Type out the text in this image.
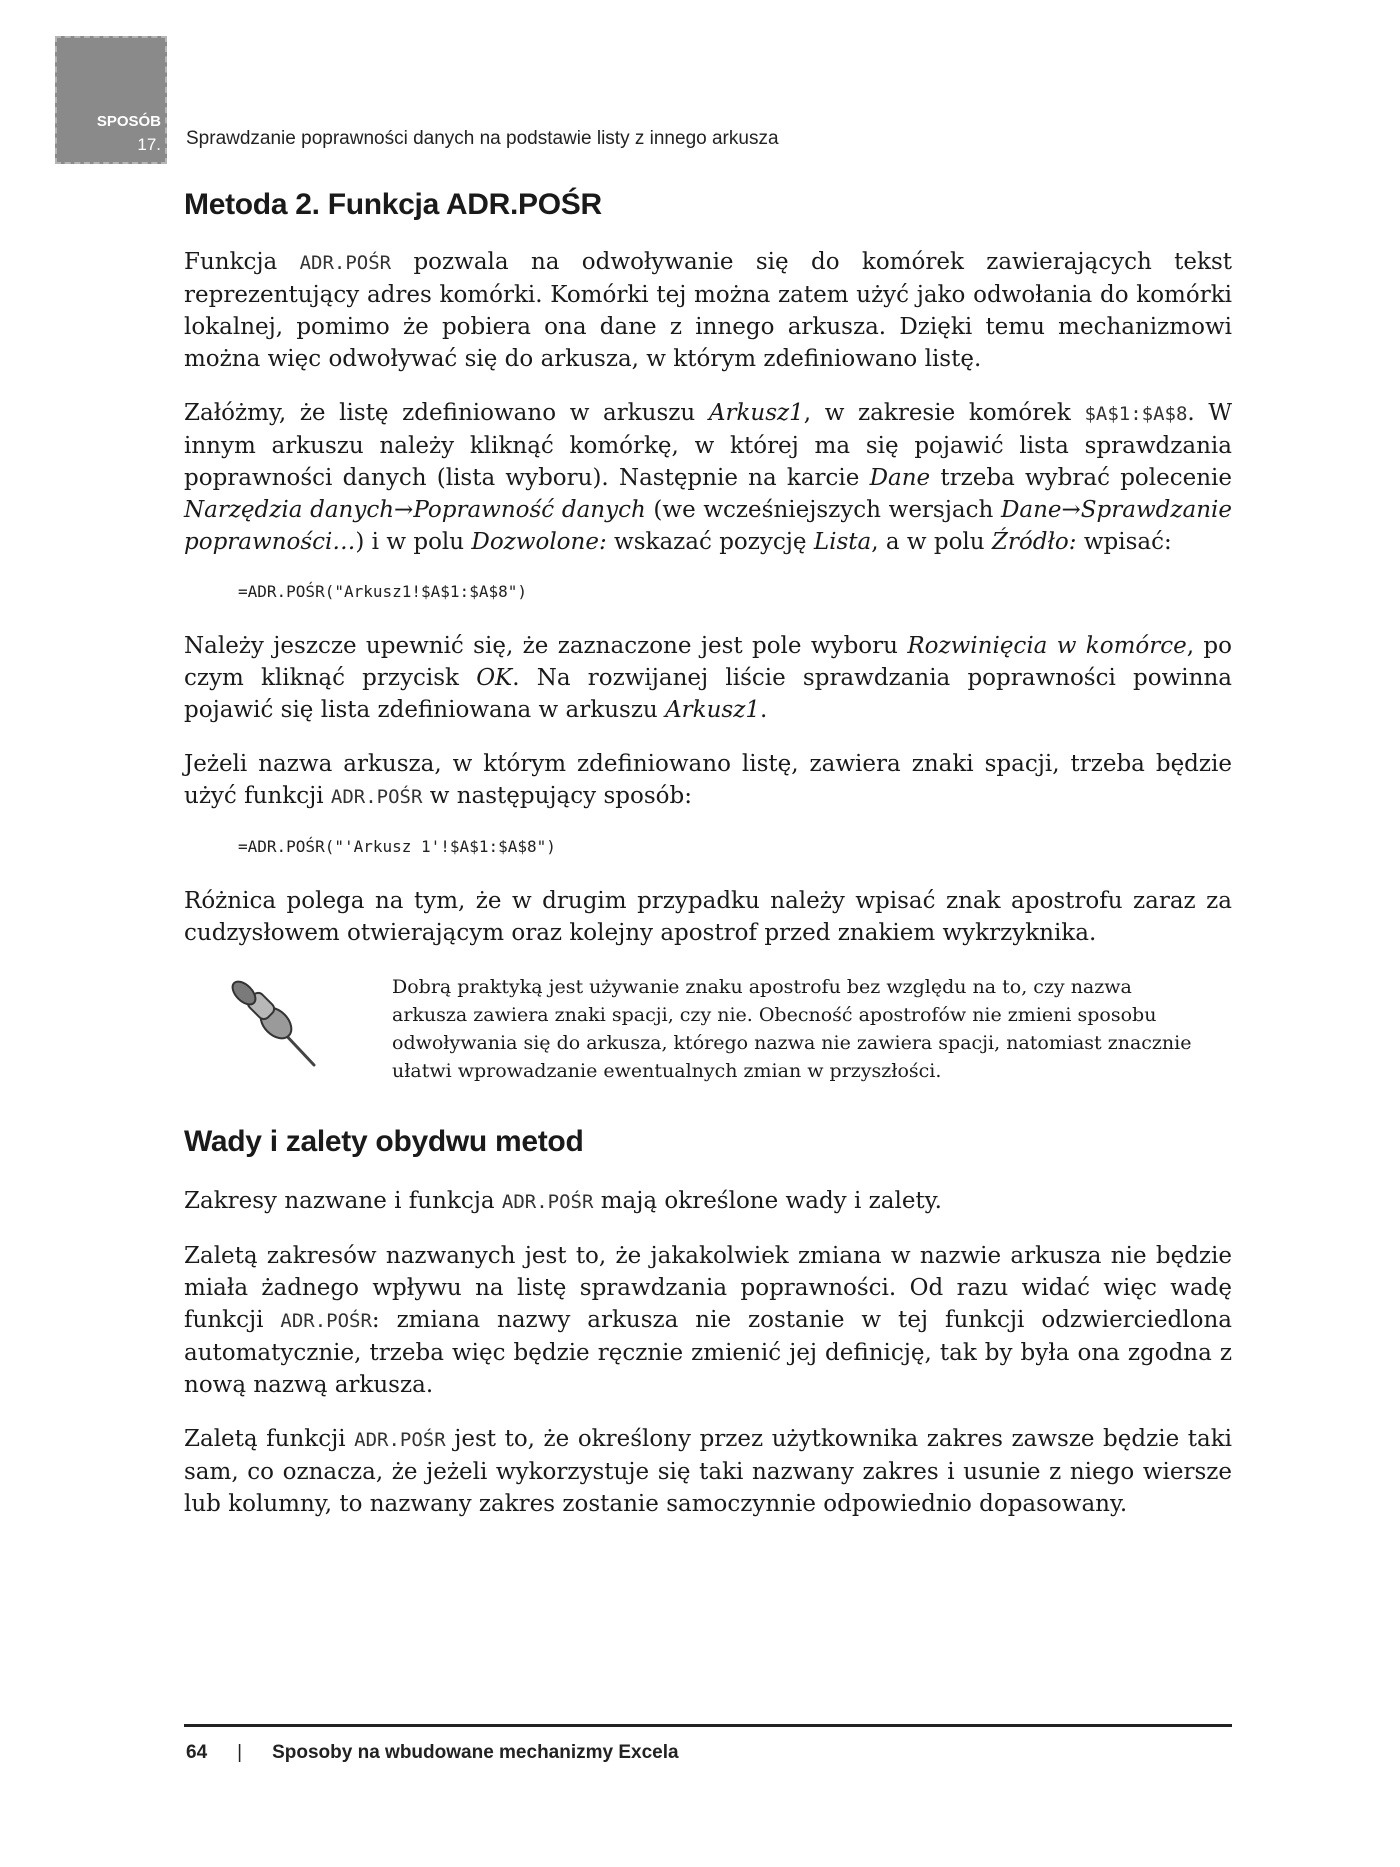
SPOSÓB
17. Sprawdzanie poprawności danych na podstawie listy z innego arkusza
Metoda 2. Funkcja ADR.POŚR

Funkcja ADR.POŚR pozwala na odwoływanie się do komórek zawierających tekst reprezentujący adres komórki. Komórki tej można zatem użyć jako odwołania do komórki lokalnej, pomimo że pobiera ona dane z innego arkusza. Dzięki temu mechanizmowi można więc odwoływać się do arkusza, w którym zdefiniowano listę.

Załóżmy, że listę zdefiniowano w arkuszu Arkusz1, w zakresie komórek $A$1:$A$8. W innym arkuszu należy kliknąć komórkę, w której ma się pojawić lista sprawdzania poprawności danych (lista wyboru). Następnie na karcie Dane trzeba wybrać polecenie Narzędzia danych→Poprawność danych (we wcześniejszych wersjach Dane→Sprawdzanie poprawności…) i w polu Dozwolone: wskazać pozycję Lista, a w polu Źródło: wpisać:

=ADR.POŚR("Arkusz1!$A$1:$A$8")

Należy jeszcze upewnić się, że zaznaczone jest pole wyboru Rozwinięcia w komórce, po czym kliknąć przycisk OK. Na rozwijanej liście sprawdzania poprawności powinna pojawić się lista zdefiniowana w arkuszu Arkusz1.

Jeżeli nazwa arkusza, w którym zdefiniowano listę, zawiera znaki spacji, trzeba będzie użyć funkcji ADR.POŚR w następujący sposób:

=ADR.POŚR("'Arkusz 1'!$A$1:$A$8")

Różnica polega na tym, że w drugim przypadku należy wpisać znak apostrofu zaraz za cudzysłowem otwierającym oraz kolejny apostrof przed znakiem wykrzyknika.

Dobrą praktyką jest używanie znaku apostrofu bez względu na to, czy nazwa arkusza zawiera znaki spacji, czy nie. Obecność apostrofów nie zmieni sposobu odwoływania się do arkusza, którego nazwa nie zawiera spacji, natomiast znacznie ułatwi wprowadzanie ewentualnych zmian w przyszłości.
Wady i zalety obydwu metod

Zakresy nazwane i funkcja ADR.POŚR mają określone wady i zalety.

Zaletą zakresów nazwanych jest to, że jakakolwiek zmiana w nazwie arkusza nie będzie miała żadnego wpływu na listę sprawdzania poprawności. Od razu widać więc wadę funkcji ADR.POŚR: zmiana nazwy arkusza nie zostanie w tej funkcji odzwierciedlona automatycznie, trzeba więc będzie ręcznie zmienić jej definicję, tak by była ona zgodna z nową nazwą arkusza.

Zaletą funkcji ADR.POŚR jest to, że określony przez użytkownika zakres zawsze będzie taki sam, co oznacza, że jeżeli wykorzystuje się taki nazwany zakres i usunie z niego wiersze lub kolumny, to nazwany zakres zostanie samoczynnie odpowiednio dopasowany.

64 | Sposoby na wbudowane mechanizmy Excela
